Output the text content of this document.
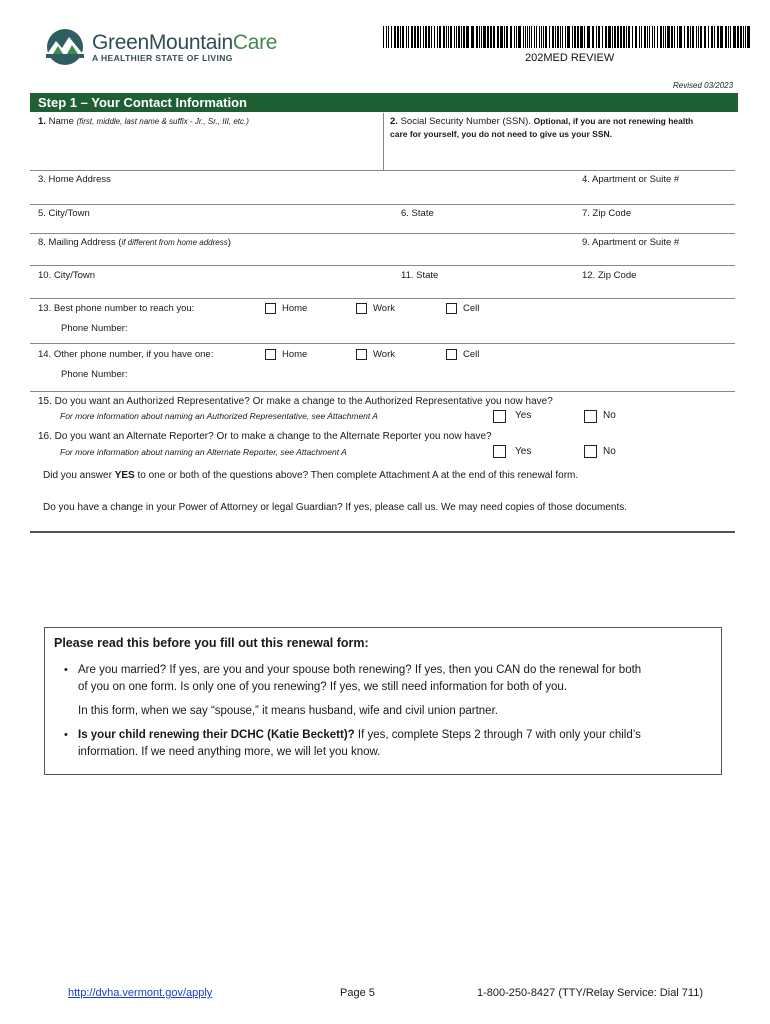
GreenMountainCare
A HEALTHIER STATE OF LIVING	202MED REVIEW
Revised 03/2023
Step 1 – Your Contact Information
1. Name (first, middle, last name & suffix - Jr., Sr., III, etc.)	2. Social Security Number (SSN). Optional, if you are not renewing health
care for yourself, you do not need to give us your SSN.
3. Home Address	4. Apartment or Suite #
5. City/Town	6. State	7. Zip Code
8. Mailing Address (if different from home address)	9. Apartment or Suite #
10. City/Town	11. State	12. Zip Code
13. Best phone number to reach you:	Home	Work	Cell
Phone Number:
14. Other phone number, if you have one:	Home	Work	Cell
Phone Number:
15. Do you want an Authorized Representative? Or make a change to the Authorized Representative you now have?
For more information about naming an Authorized Representative, see Attachment A	Yes	No
16. Do you want an Alternate Reporter? Or to make a change to the Alternate Reporter you now have?
For more information about naming an Alternate Reporter, see Attachment A	Yes	No
Did you answer YES to one or both of the questions above? Then complete Attachment A at the end of this renewal form.
Do you have a change in your Power of Attorney or legal Guardian? If yes, please call us. We may need copies of those documents.
Please read this before you fill out this renewal form:
• Are you married? If yes, are you and your spouse both renewing? If yes, then you CAN do the renewal for both
of you on one form. Is only one of you renewing? If yes, we still need information for both of you.
In this form, when we say “spouse,” it means husband, wife and civil union partner.
• Is your child renewing their DCHC (Katie Beckett)? If yes, complete Steps 2 through 7 with only your child’s
information. If we need anything more, we will let you know.
http://dvha.vermont.gov/apply	Page 5	1-800-250-8427 (TTY/Relay Service: Dial 711)
